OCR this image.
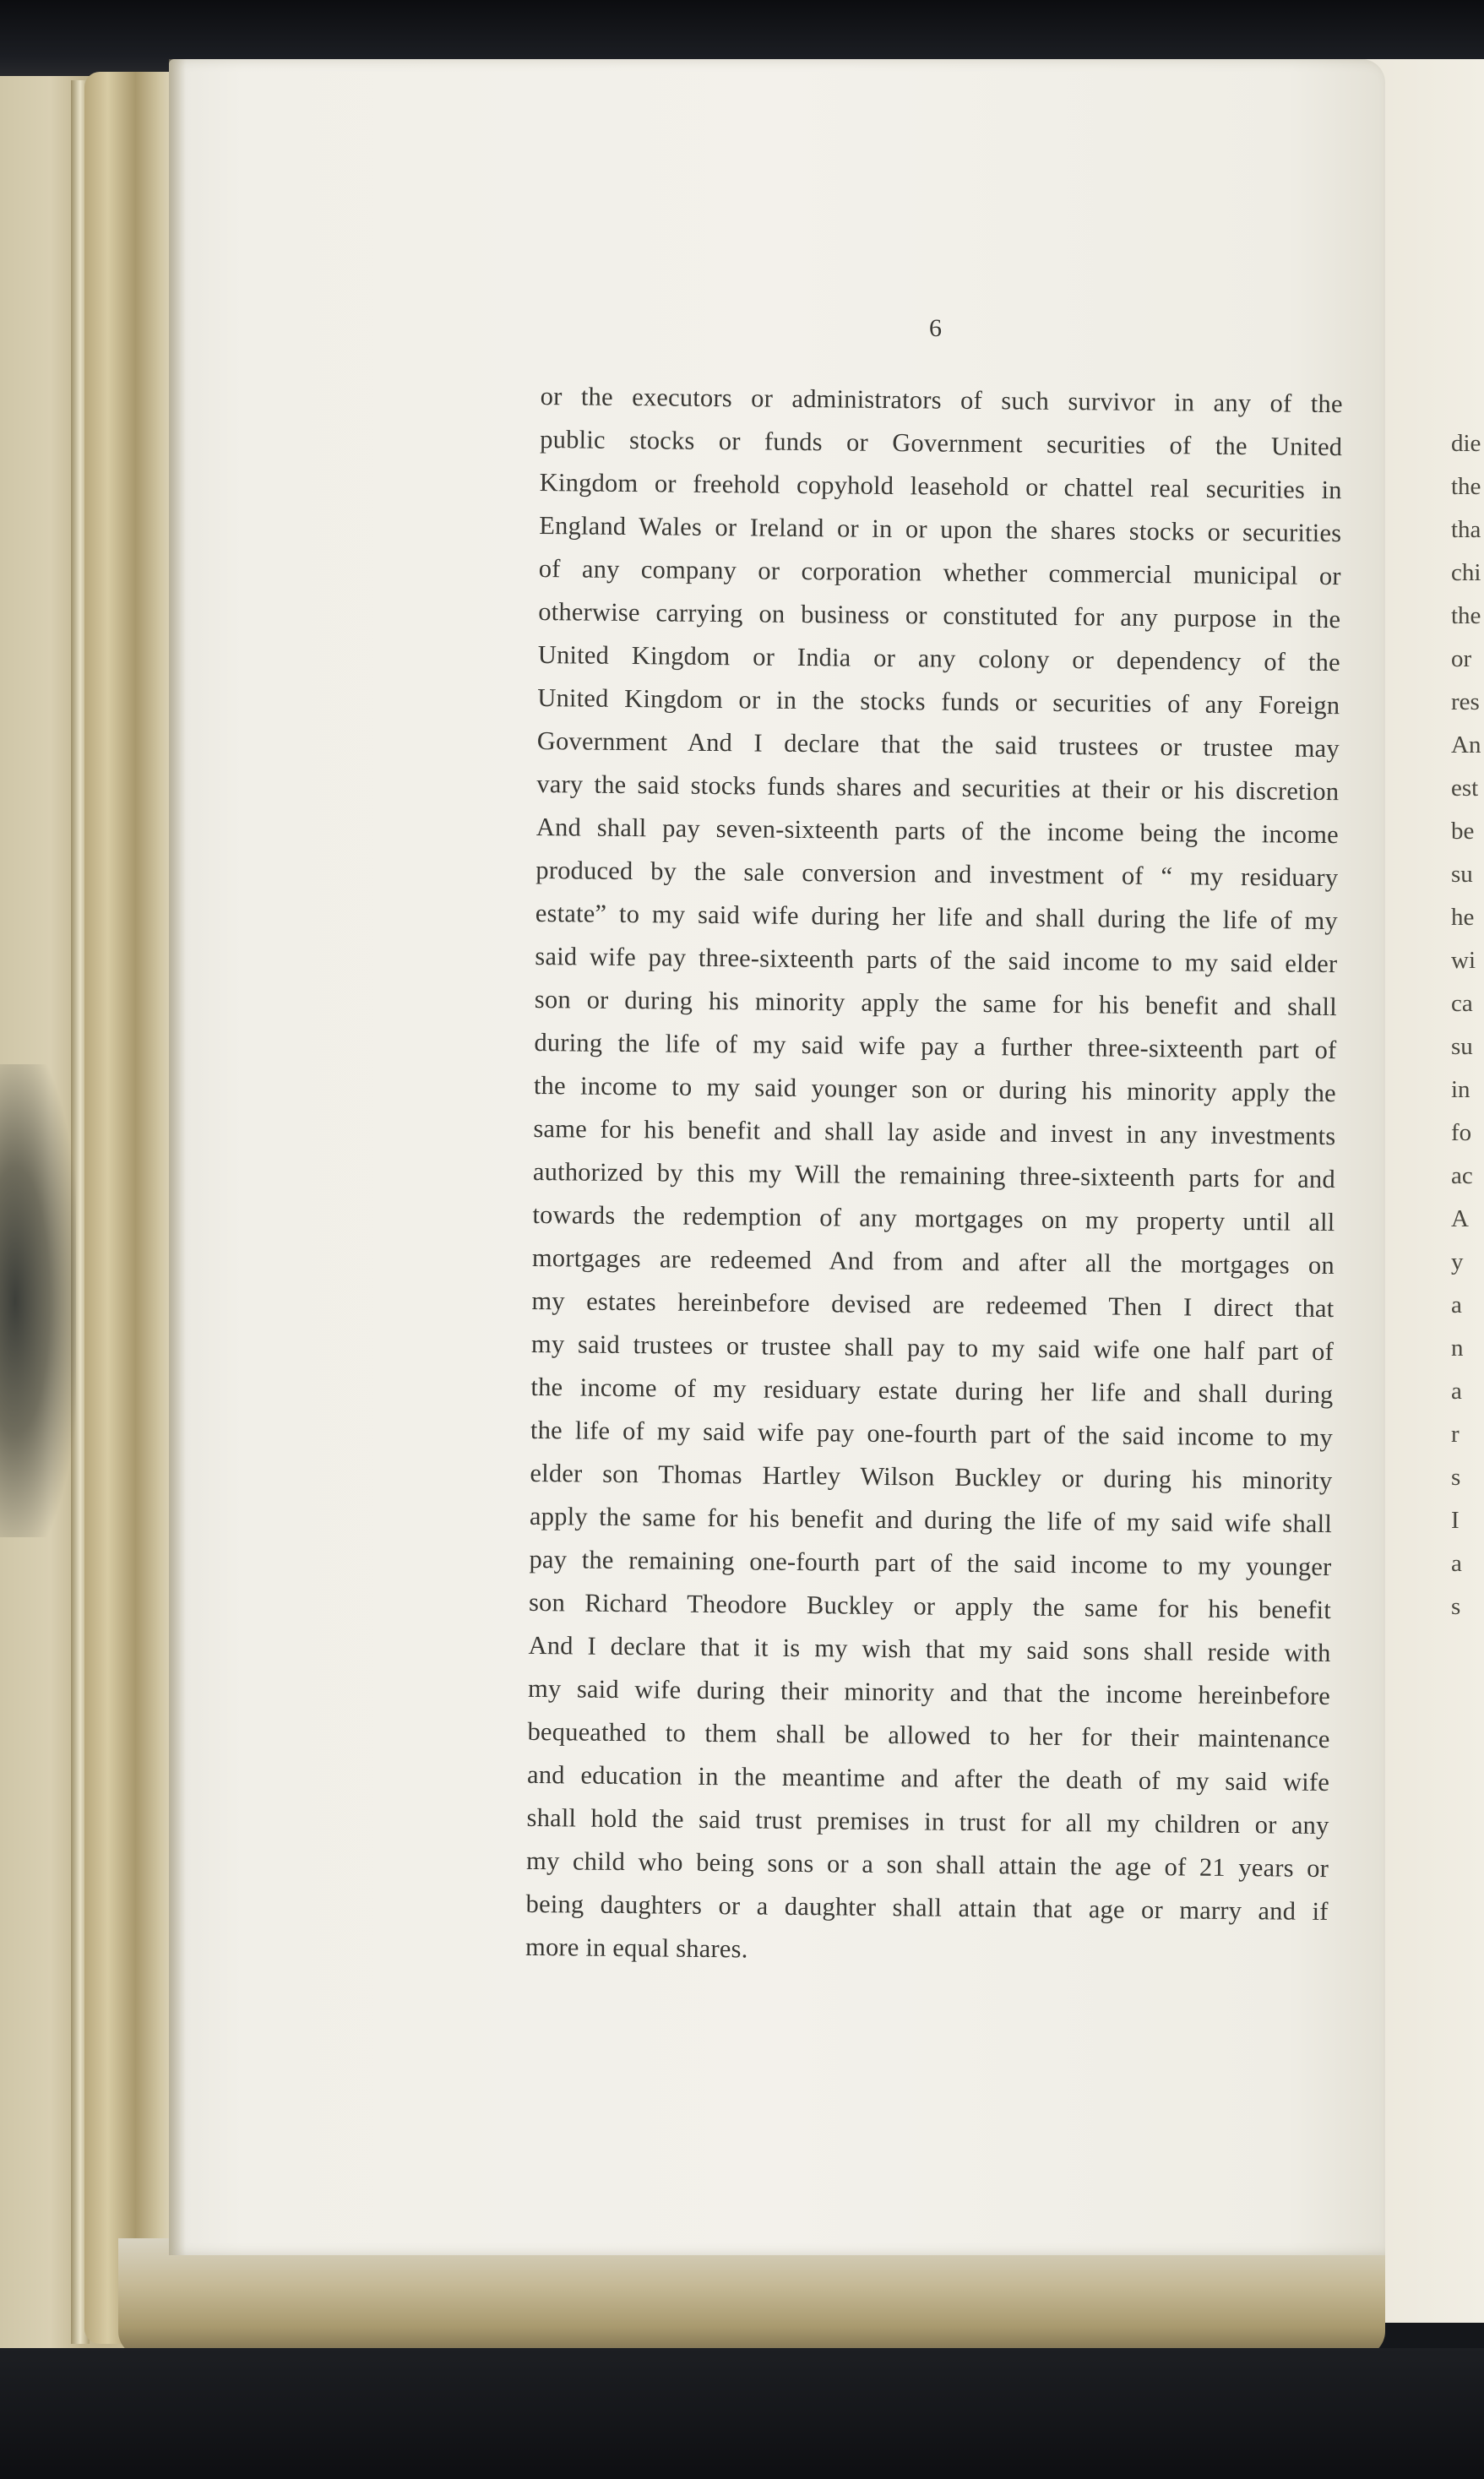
die
the
tha
chi
the
or
res
An
est
be
su
he
wi
ca
su
in
fo
ac
A
y
a
n
a
r
s
I
a
s
6
or the executors or administrators of such survivor in any of the
public stocks or funds or Government securities of the United
Kingdom or freehold copyhold leasehold or chattel real securities in
England Wales or Ireland or in or upon the shares stocks or securities
of any company or corporation whether commercial municipal or
otherwise carrying on business or constituted for any purpose in the
United Kingdom or India or any colony or dependency of the
United Kingdom or in the stocks funds or securities of any Foreign
Government And I declare that the said trustees or trustee may
vary the said stocks funds shares and securities at their or his discretion
And shall pay seven-sixteenth parts of the income being the income
produced by the sale conversion and investment of “ my residuary
estate” to my said wife during her life and shall during the life of my
said wife pay three-sixteenth parts of the said income to my said elder
son or during his minority apply the same for his benefit and shall
during the life of my said wife pay a further three-sixteenth part of
the income to my said younger son or during his minority apply the
same for his benefit and shall lay aside and invest in any investments
authorized by this my Will the remaining three-sixteenth parts for and
towards the redemption of any mortgages on my property until all
mortgages are redeemed And from and after all the mortgages on
my estates hereinbefore devised are redeemed Then I direct that
my said trustees or trustee shall pay to my said wife one half part of
the income of my residuary estate during her life and shall during
the life of my said wife pay one-fourth part of the said income to my
elder son Thomas Hartley Wilson Buckley or during his minority
apply the same for his benefit and during the life of my said wife shall
pay the remaining one-fourth part of the said income to my younger
son Richard Theodore Buckley or apply the same for his benefit
And I declare that it is my wish that my said sons shall reside with
my said wife during their minority and that the income hereinbefore
bequeathed to them shall be allowed to her for their maintenance
and education in the meantime and after the death of my said wife
shall hold the said trust premises in trust for all my children or any
my child who being sons or a son shall attain the age of 21 years or
being daughters or a daughter shall attain that age or marry and if
more in equal shares.
